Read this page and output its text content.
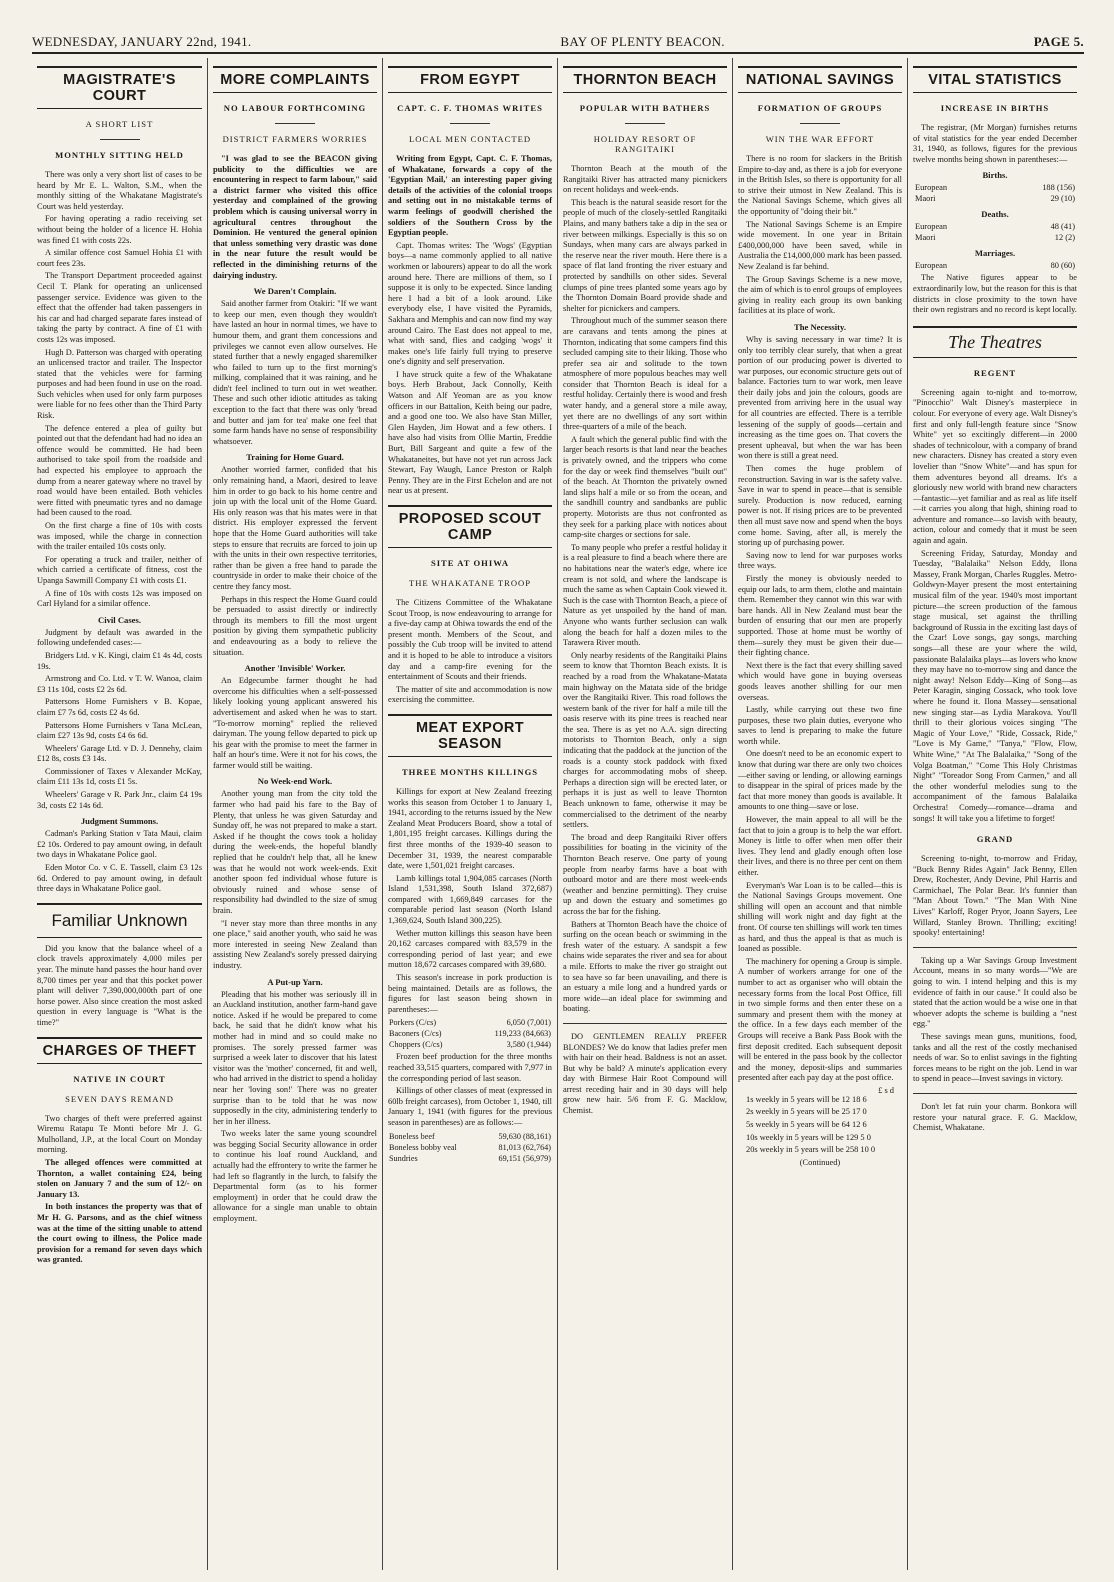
WEDNESDAY, JANUARY 22nd, 1941.	BAY OF PLENTY BEACON.	PAGE 5.
MAGISTRATE'S COURT
A SHORT LIST
MONTHLY SITTING HELD

There was only a very short list of cases to be heard by Mr E. L. Walton, S.M., when the monthly sitting of the Whakatane Magistrate's Court was held yesterday.

For having operating a radio receiving set without being the holder of a licence H. Hohia was fined £1 with costs 22s.

A similar offence cost Samuel Hohia £1 with court fees 23s.

The Transport Department proceeded against Cecil T. Plank for operating an unlicensed passenger service. Evidence was given to the effect that the offender had taken passengers in his car and had charged separate fares instead of taking the party by contract. A fine of £1 with costs 12s was imposed.

Hugh D. Patterson was charged with operating an unlicensed tractor and trailer. The Inspector stated that the vehicles were for farming purposes and had been found in use on the road. Such vehicles when used for only farm purposes were liable for no fees other than the Third Party Risk.

The defence entered a plea of guilty but pointed out that the defendant had had no idea an offence would be committed. He had been authorised to take spoil from the roadside and had expected his employee to approach the dump from a nearer gateway where no travel by road would have been entailed. Both vehicles were fitted with pneumatic tyres and no damage had been caused to the road.

On the first charge a fine of 10s with costs was imposed, while the charge in connection with the trailer entailed 10s costs only.

For operating a truck and trailer, neither of which carried a certificate of fitness, cost the Upanga Sawmill Company £1 with costs £1.

A fine of 10s with costs 12s was imposed on Carl Hyland for a similar offence.

Civil Cases.

Judgment by default was awarded in the following undefended cases:—

Bridgers Ltd. v K. Kingi, claim £1 4s 4d, costs 19s.

Armstrong and Co. Ltd. v T. W. Wanoa, claim £3 11s 10d, costs £2 2s 6d.

Pattersons Home Furnishers v B. Kopae, claim £7 7s 6d, costs £2 4s 6d.

Pattersons Home Furnishers v Tana McLean, claim £27 13s 9d, costs £4 6s 6d.

Wheelers' Garage Ltd. v D. J. Dennehy, claim £12 8s, costs £3 14s.

Commissioner of Taxes v Alexander McKay, claim £11 13s 1d, costs £1 5s.

Wheelers' Garage v R. Park Jnr., claim £4 19s 3d, costs £2 14s 6d.

Judgment Summons.

Cadman's Parking Station v Tata Maui, claim £2 10s. Ordered to pay amount owing, in default two days in Whakatane Police gaol.

Eden Motor Co. v C. E. Tassell, claim £3 12s 6d. Ordered to pay amount owing, in default three days in Whakatane Police gaol.

Familiar Unknown

Did you know that the balance wheel of a clock travels approximately 4,000 miles per year. The minute hand passes the hour hand over 8,700 times per year and that this pocket power plant will deliver 7,390,000,000th part of one horse power. Also since creation the most asked question in every language is "What is the time?"

CHARGES OF THEFT
NATIVE IN COURT
SEVEN DAYS REMAND

Two charges of theft were preferred against Wiremu Ratapu Te Monti before Mr J. G. Mulholland, J.P., at the local Court on Monday morning.

The alleged offences were committed at Thornton, a wallet containing £24, being stolen on January 7 and the sum of 12/- on January 13.

In both instances the property was that of Mr H. G. Parsons, and as the chief witness was at the time of the sitting unable to attend the court owing to illness, the Police made provision for a remand for seven days which was granted.

MORE COMPLAINTS
NO LABOUR FORTHCOMING
DISTRICT FARMERS WORRIES

"I was glad to see the BEACON giving publicity to the difficulties we are encountering in respect to farm labour," said a district farmer who visited this office yesterday and complained of the growing problem which is causing universal worry in agricultural centres throughout the Dominion. He ventured the general opinion that unless something very drastic was done in the near future the result would be reflected in the diminishing returns of the dairying industry.

We Daren't Complain.

Said another farmer from Otakiri: "If we want to keep our men, even though they wouldn't have lasted an hour in normal times, we have to humour them, and grant them concessions and privileges we cannot even allow ourselves. He stated further that a newly engaged sharemilker who failed to turn up to the first morning's milking, complained that it was raining, and he didn't feel inclined to turn out in wet weather. These and such other idiotic attitudes as taking exception to the fact that there was only 'bread and butter and jam for tea' make one feel that some farm hands have no sense of responsibility whatsoever.

Training for Home Guard.

Another worried farmer, confided that his only remaining hand, a Maori, desired to leave him in order to go back to his home centre and join up with the local unit of the Home Guard. His only reason was that his mates were in that district. His employer expressed the fervent hope that the Home Guard authorities will take steps to ensure that recruits are forced to join up with the units in their own respective territories, rather than be given a free hand to parade the countryside in order to make their choice of the centre they fancy most.

Perhaps in this respect the Home Guard could be persuaded to assist directly or indirectly through its members to fill the most urgent position by giving them sympathetic publicity and endeavouring as a body to relieve the situation.

Another 'Invisible' Worker.

An Edgecumbe farmer thought he had overcome his difficulties when a self-possessed likely looking young applicant answered his advertisement and asked when he was to start. "To-morrow morning" replied the relieved dairyman. The young fellow departed to pick up his gear with the promise to meet the farmer in half an hour's time. Were it not for his cows, the farmer would still be waiting.

No Week-end Work.

Another young man from the city told the farmer who had paid his fare to the Bay of Plenty, that unless he was given Saturday and Sunday off, he was not prepared to make a start. Asked if he thought the cows took a holiday during the week-ends, the hopeful blandly replied that he couldn't help that, all he knew was that he would not work week-ends. Exit another spoon fed individual whose future is obviously ruined and whose sense of responsibility had dwindled to the size of smug brain.

"I never stay more than three months in any one place," said another youth, who said he was more interested in seeing New Zealand than assisting New Zealand's sorely pressed dairying industry.

A Put-up Yarn.

Pleading that his mother was seriously ill in an Auckland institution, another farm-hand gave notice. Asked if he would be prepared to come back, he said that he didn't know what his mother had in mind and so could make no promises. The sorely pressed farmer was surprised a week later to discover that his latest visitor was the 'mother' concerned, fit and well, who had arrived in the district to spend a holiday near her 'loving son!' There was no greater surprise than to be told that he was now supposedly in the city, administering tenderly to her in her illness.

Two weeks later the same young scoundrel was begging Social Security allowance in order to continue his loaf round Auckland, and actually had the effrontery to write the farmer he had left so flagrantly in the lurch, to falsify the Departmental form (as to his former employment) in order that he could draw the allowance for a single man unable to obtain employment.

FROM EGYPT
CAPT. C. F. THOMAS WRITES
LOCAL MEN CONTACTED

Writing from Egypt, Capt. C. F. Thomas, of Whakatane, forwards a copy of the 'Egyptian Mail,' an interesting paper giving details of the activities of the colonial troops and setting out in no mistakable terms of warm feelings of goodwill cherished the soldiers of the Southern Cross by the Egyptian people.

Capt. Thomas writes: The 'Wogs' (Egyptian boys—a name commonly applied to all native workmen or labourers) appear to do all the work around here. There are millions of them, so I suppose it is only to be expected. Since landing here I had a bit of a look around. Like everybody else, I have visited the Pyramids, Sakhara and Memphis and can now find my way around Cairo. The East does not appeal to me, what with sand, flies and cadging 'wogs' it makes one's life fairly full trying to preserve one's dignity and self preservation.

I have struck quite a few of the Whakatane boys. Herb Brabout, Jack Connolly, Keith Watson and Alf Yeoman are as you know officers in our Battalion, Keith being our padre, and a good one too. We also have Stan Miller, Glen Hayden, Jim Howat and a few others. I have also had visits from Ollie Martin, Freddie Burt, Bill Sargeant and quite a few of the Whakataneites, but have not yet run across Jack Stewart, Fay Waugh, Lance Preston or Ralph Penny. They are in the First Echelon and are not near us at present.

PROPOSED SCOUT CAMP
SITE AT OHIWA
THE WHAKATANE TROOP

The Citizens Committee of the Whakatane Scout Troop, is now endeavouring to arrange for a five-day camp at Ohiwa towards the end of the present month. Members of the Scout, and possibly the Cub troop will be invited to attend and it is hoped to be able to introduce a visitors day and a camp-fire evening for the entertainment of Scouts and their friends.

The matter of site and accommodation is now exercising the committee.

MEAT EXPORT SEASON
THREE MONTHS KILLINGS

Killings for export at New Zealand freezing works this season from October 1 to January 1, 1941, according to the returns issued by the New Zealand Meat Producers Board, show a total of 1,801,195 freight carcases. Killings during the first three months of the 1939-40 season to December 31, 1939, the nearest comparable date, were 1,501,021 freight carcases.

Lamb killings total 1,904,085 carcases (North Island 1,531,398, South Island 372,687) compared with 1,669,849 carcases for the comparable period last season (North Island 1,369,624, South Island 300,225).

Wether mutton killings this season have been 20,162 carcases compared with 83,579 in the corresponding period of last year; and ewe mutton 18,672 carcases compared with 39,680.

This season's increase in pork production is being maintained. Details are as follows, the figures for last season being shown in parentheses:—

Porkers (C/cs)	6,050 (7,001)
Baconers (C/cs)	119,233 (84,663)
Choppers (C/cs)	3,580 (1,944)

Frozen beef production for the three months reached 33,515 quarters, compared with 7,977 in the corresponding period of last season.

Killings of other classes of meat (expressed in 60lb freight carcases), from October 1, 1940, till January 1, 1941 (with figures for the previous season in parentheses) are as follows:—

Boneless beef	59,630 (88,161)
Boneless bobby veal	81,013 (62,764)
Sundries	69,151 (56,979)
THORNTON BEACH
POPULAR WITH BATHERS
HOLIDAY RESORT OF RANGITAIKI

Thornton Beach at the mouth of the Rangitaiki River has attracted many picnickers on recent holidays and week-ends.

This beach is the natural seaside resort for the people of much of the closely-settled Rangitaiki Plains, and many bathers take a dip in the sea or river between milkings. Especially is this so on Sundays, when many cars are always parked in the reserve near the river mouth. Here there is a space of flat land fronting the river estuary and protected by sandhills on other sides. Several clumps of pine trees planted some years ago by the Thornton Domain Board provide shade and shelter for picnickers and campers.

Throughout much of the summer season there are caravans and tents among the pines at Thornton, indicating that some campers find this secluded camping site to their liking. Those who prefer sea air and solitude to the town atmosphere of more populous beaches may well consider that Thornton Beach is ideal for a restful holiday. Certainly there is wood and fresh water handy, and a general store a mile away, yet there are no dwellings of any sort within three-quarters of a mile of the beach.

A fault which the general public find with the larger beach resorts is that land near the beaches is privately owned, and the trippers who come for the day or week find themselves "built out" of the beach. At Thornton the privately owned land slips half a mile or so from the ocean, and the sandhill country and sandbanks are public property. Motorists are thus not confronted as they seek for a parking place with notices about camp-site charges or sections for sale.

To many people who prefer a restful holiday it is a real pleasure to find a beach where there are no habitations near the water's edge, where ice cream is not sold, and where the landscape is much the same as when Captain Cook viewed it. Such is the case with Thornton Beach, a piece of Nature as yet unspoiled by the hand of man. Anyone who wants further seclusion can walk along the beach for half a dozen miles to the Tarawera River mouth.

Only nearby residents of the Rangitaiki Plains seem to know that Thornton Beach exists. It is reached by a road from the Whakatane-Matata main highway on the Matata side of the bridge over the Rangitaiki River. This road follows the western bank of the river for half a mile till the oasis reserve with its pine trees is reached near the sea. There is as yet no A.A. sign directing motorists to Thornton Beach, only a sign indicating that the paddock at the junction of the roads is a county stock paddock with fixed charges for accommodating mobs of sheep. Perhaps a direction sign will be erected later, or perhaps it is just as well to leave Thornton Beach unknown to fame, otherwise it may be commercialised to the detriment of the nearby settlers.

The broad and deep Rangitaiki River offers possibilities for boating in the vicinity of the Thornton Beach reserve. One party of young people from nearby farms have a boat with outboard motor and are there most week-ends (weather and benzine permitting). They cruise up and down the estuary and sometimes go across the bar for the fishing.

Bathers at Thornton Beach have the choice of surfing on the ocean beach or swimming in the fresh water of the estuary. A sandspit a few chains wide separates the river and sea for about a mile. Efforts to make the river go straight out to sea have so far been unavailing, and there is an estuary a mile long and a hundred yards or more wide—an ideal place for swimming and boating.

DO GENTLEMEN REALLY PREFER BLONDES? We do know that ladies prefer men with hair on their head. Baldness is not an asset. But why be bald? A minute's application every day with Birmese Hair Root Compound will arrest receding hair and in 30 days will help grow new hair. 5/6 from F. G. Macklow, Chemist.

NATIONAL SAVINGS
FORMATION OF GROUPS
WIN THE WAR EFFORT

There is no room for slackers in the British Empire to-day and, as there is a job for everyone in the British Isles, so there is opportunity for all to strive their utmost in New Zealand. This is the National Savings Scheme, which gives all the opportunity of "doing their bit."

The National Savings Scheme is an Empire wide movement. In one year in Britain £400,000,000 have been saved, while in Australia the £14,000,000 mark has been passed. New Zealand is far behind.

The Group Savings Scheme is a new move, the aim of which is to enrol groups of employees giving in reality each group its own banking facilities at its place of work.

The Necessity.

Why is saving necessary in war time? It is only too terribly clear surely, that when a great portion of our producing power is diverted to war purposes, our economic structure gets out of balance. Factories turn to war work, men leave their daily jobs and join the colours, goods are prevented from arriving here in the usual way for all countries are effected. There is a terrible lessening of the supply of goods—certain and increasing as the time goes on. That covers the present upheaval, but when the war has been won there is still a great need.

Then comes the huge problem of reconstruction. Saving in war is the safety valve. Save in war to spend in peace—that is sensible surely. Production is now reduced, earning power is not. If rising prices are to be prevented then all must save now and spend when the boys come home. Saving, after all, is merely the storing up of purchasing power.

Saving now to lend for war purposes works three ways.

Firstly the money is obviously needed to equip our lads, to arm them, clothe and maintain them. Remember they cannot win this war with bare hands. All in New Zealand must bear the burden of ensuring that our men are properly supported. Those at home must be worthy of them—surely they must be given their due—their fighting chance.

Next there is the fact that every shilling saved which would have gone in buying overseas goods leaves another shilling for our men overseas.

Lastly, while carrying out these two fine purposes, these two plain duties, everyone who saves to lend is preparing to make the future worth while.

One doesn't need to be an economic expert to know that during war there are only two choices—either saving or lending, or allowing earnings to disappear in the spiral of prices made by the fact that more money than goods is available. It amounts to one thing—save or lose.

However, the main appeal to all will be the fact that to join a group is to help the war effort. Money is little to offer when men offer their lives. They lend and gladly enough often lose their lives, and there is no three per cent on them either.

Everyman's War Loan is to be called—this is the National Savings Groups movement. One shilling will open an account and that nimble shilling will work night and day fight at the front. Of course ten shillings will work ten times as hard, and thus the appeal is that as much is loaned as possible.

The machinery for opening a Group is simple. A number of workers arrange for one of the number to act as organiser who will obtain the necessary forms from the local Post Office, fill in two simple forms and then enter these on a summary and present them with the money at the office. In a few days each member of the Groups will receive a Bank Pass Book with the first deposit credited. Each subsequent deposit will be entered in the pass book by the collector and the money, deposit-slips and summaries presented after each pay day at the post office.

£ s d

1s weekly in 5 years will be 12 18 6

2s weekly in 5 years will be 25 17 0

5s weekly in 5 years will be 64 12 6

10s weekly in 5 years will be 129 5 0

20s weekly in 5 years will be 258 10 0

(Continued)
VITAL STATISTICS
INCREASE IN BIRTHS

The registrar, (Mr Morgan) furnishes returns of vital statistics for the year ended December 31, 1940, as follows, figures for the previous twelve months being shown in parentheses:—

Births.
European	188 (156)
Maori	29 (10)
Deaths.
European	48 (41)
Maori	12 (2)
Marriages.
European	80 (60)

The Native figures appear to be extraordinarily low, but the reason for this is that districts in close proximity to the town have their own registrars and no record is kept locally.

The Theatres
REGENT

Screening again to-night and to-morrow, "Pinocchio" Walt Disney's masterpiece in colour. For everyone of every age. Walt Disney's first and only full-length feature since "Snow White" yet so excitingly different—in 2000 shades of technicolour, with a company of brand new characters. Disney has created a story even lovelier than "Snow White"—and has spun for them adventures beyond all dreams. It's a gloriously new world with brand new characters—fantastic—yet familiar and as real as life itself—it carries you along that high, shining road to adventure and romance—so lavish with beauty, action, colour and comedy that it must be seen again and again.

Screening Friday, Saturday, Monday and Tuesday, "Balalaika" Nelson Eddy, Ilona Massey, Frank Morgan, Charles Ruggles. Metro-Goldwyn-Mayer present the most entertaining musical film of the year. 1940's most important picture—the screen production of the famous stage musical, set against the thrilling background of Russia in the exciting last days of the Czar! Love songs, gay songs, marching songs—all these are your where the wild, passionate Balalaika plays—as lovers who know they may have no to-morrow sing and dance the night away! Nelson Eddy—King of Song—as Peter Karagin, singing Cossack, who took love where he found it. Ilona Massey—sensational new singing star—as Lydia Marakova. You'll thrill to their glorious voices singing "The Magic of Your Love," "Ride, Cossack, Ride," "Love is My Game," "Tanya," "Flow, Flow, White Wine," "At The Balalaika," "Song of the Volga Boatman," "Come This Holy Christmas Night" "Toreador Song From Carmen," and all the other wonderful melodies sung to the accompaniment of the famous Balalaika Orchestra! Comedy—romance—drama and songs! It will take you a lifetime to forget!

GRAND

Screening to-night, to-morrow and Friday, "Buck Benny Rides Again" Jack Benny, Ellen Drew, Rochester, Andy Devine, Phil Harris and Carmichael, The Polar Bear. It's funnier than "Man About Town." "The Man With Nine Lives" Karloff, Roger Pryor, Joann Sayers, Lee Willard, Stanley Brown. Thrilling; exciting! spooky! entertaining!

Taking up a War Savings Group Investment Account, means in so many words—"We are going to win. I intend helping and this is my evidence of faith in our cause." It could also be stated that the action would be a wise one in that whoever adopts the scheme is building a "nest egg."

These savings mean guns, munitions, food, tanks and all the rest of the costly mechanised needs of war. So to enlist savings in the fighting forces means to be right on the job. Lend in war to spend in peace—Invest savings in victory.

Don't let fat ruin your charm. Bonkora will restore your natural grace. F. G. Macklow, Chemist, Whakatane.
